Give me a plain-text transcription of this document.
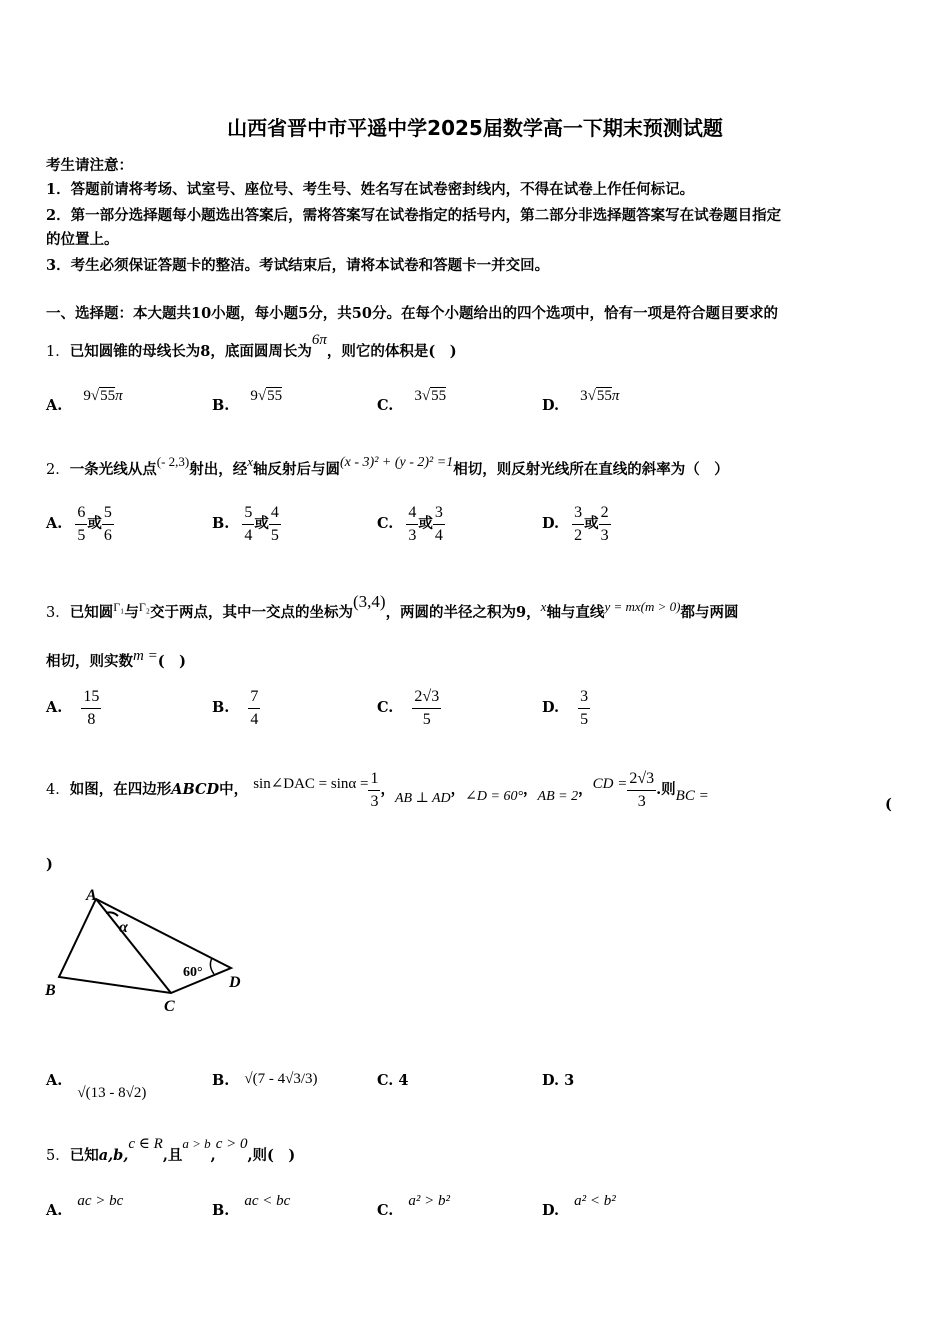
山西省晋中市平遥中学2025届数学高一下期末预测试题
考生请注意：
1．答题前请将考场、试室号、座位号、考生号、姓名写在试卷密封线内，不得在试卷上作任何标记。
2．第一部分选择题每小题选出答案后，需将答案写在试卷指定的括号内，第二部分非选择题答案写在试卷题目指定
的位置上。
3．考生必须保证答题卡的整洁。考试结束后，请将本试卷和答题卡一并交回。
一、选择题：本大题共10小题，每小题5分，共50分。在每个小题给出的四个选项中，恰有一项是符合题目要求的
1．已知圆锥的母线长为8，底面圆周长为6π，则它的体积是(　)
A. 9√55π
B. 9√55
C. 3√55
D. 3√55π
2．一条光线从点(- 2,3)射出，经x轴反射后与圆(x - 3)² + (y - 2)² =1相切，则反射光线所在直线的斜率为（　）
A. $\frac{6}{5}$ 或 $\frac{5}{6}$	B. $\frac{5}{4}$ 或 $\frac{4}{5}$	C. $\frac{4}{3}$ 或 $\frac{3}{4}$	D. $\frac{3}{2}$ 或 $\frac{2}{3}$
3．已知圆$^{\Gamma_1}$与$^{\Gamma_2}$交于两点，其中一交点的坐标为(3,4)，两圆的半径之积为9，x轴与直线y = mx(m > 0)都与两圆
相切，则实数m =(　)
A. $\frac{15}{8}$	B. $\frac{7}{4}$	C. $\frac{2√3}{5}$	D. $\frac{3}{5}$
4．如图，在四边形ABCD中， sin∠DAC = $\sin\alpha = \frac{1}{3}$ ，AB ⊥ AD，∠D = 60°，AB = 2，CD = $\frac{2√3}{3}$ .则BC =	(
)
A
B
C
D
α
60°
A. √(13 - 8√2)
B. √(7 - 4√3/3)	C. 4	D. 3
5．已知a,b,c ∈ R,且a > b,c > 0,则(　)
A. ac > bc
B. ac < bc
C. a² > b²
D. a² < b²
